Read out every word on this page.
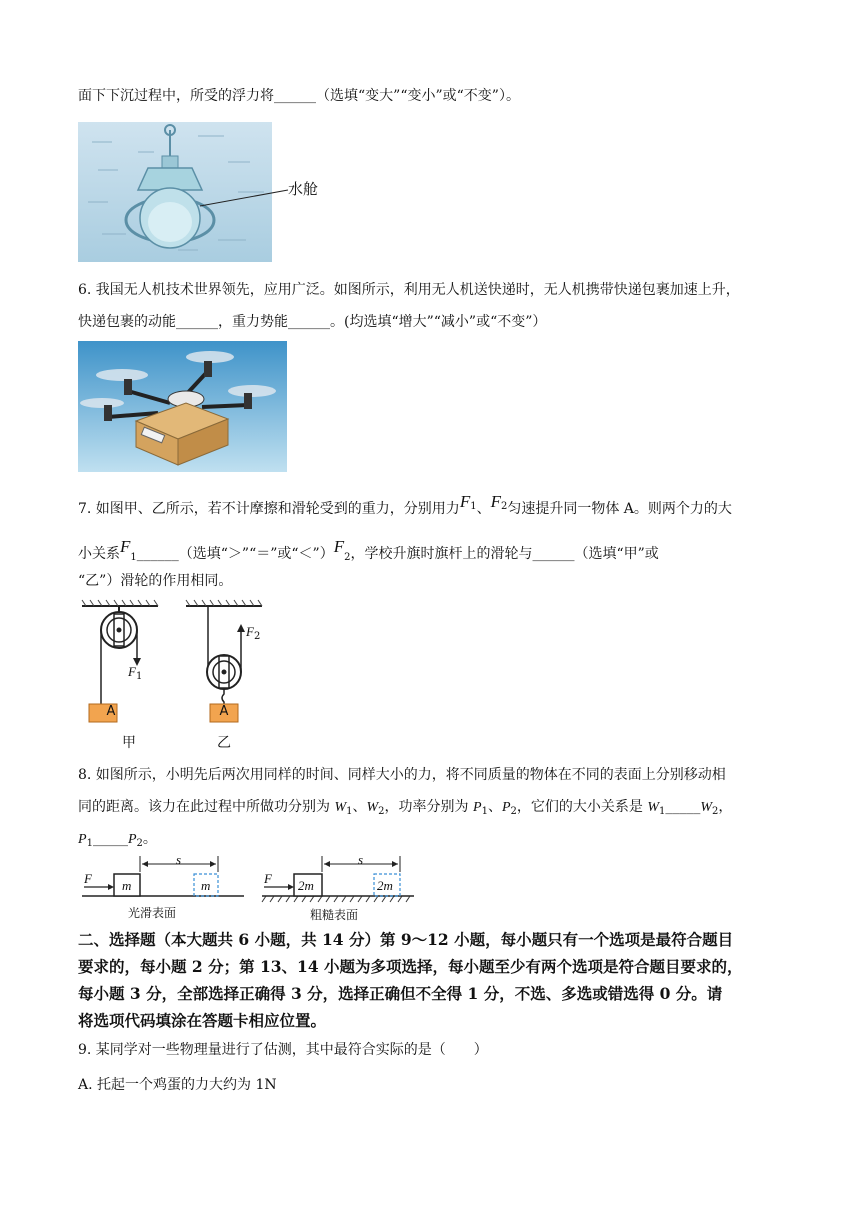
面下下沉过程中，所受的浮力将______（选填“变大”“变小”或“不变”）。
水舱
6. 我国无人机技术世界领先，应用广泛。如图所示，利用无人机送快递时，无人机携带快递包裹加速上升，
快递包裹的动能______，重力势能______。(均选填“增大”“减小”或“不变”）
7. 如图甲、乙所示，若不计摩擦和滑轮受到的重力，分别用力$F^1$、$F^2$匀速提升同一物体 A。则两个力的大
小关系$F_1\_\_\_\_\_\_$（选填“＞”“＝”或“$<”)F_2$，学校升旗时旗杆上的滑轮与______（选填“甲”或
“乙”）滑轮的作用相同。
A	A
$F_1$
$F_2$
甲	乙
8. 如图所示，小明先后两次用同样的时间、同样大小的力，将不同质量的物体在不同的表面上分别移动相
同的距离。该力在此过程中所做功分别为 $W_1$、$W_2$，功率分别为 $P_1$、$P_2$，它们的大小关系是 $W_1\_\_\_\_\_W_2$，
$P_1\_\_\_\_\_P_2$。
F m	m
s
光滑表面
F 2m	2m
s
粗糙表面
二、选择题（本大题共 6 小题，共 14 分）第 9～12 小题，每小题只有一个选项是最符合题目
要求的，每小题 2 分；第 13、14 小题为多项选择，每小题至少有两个选项是符合题目要求的，
每小题 3 分，全部选择正确得 3 分，选择正确但不全得 1 分，不选、多选或错选得 0 分。请
将选项代码填涂在答题卡相应位置。
9. 某同学对一些物理量进行了估测，其中最符合实际的是（　　）
A. 托起一个鸡蛋的力大约为 1N
